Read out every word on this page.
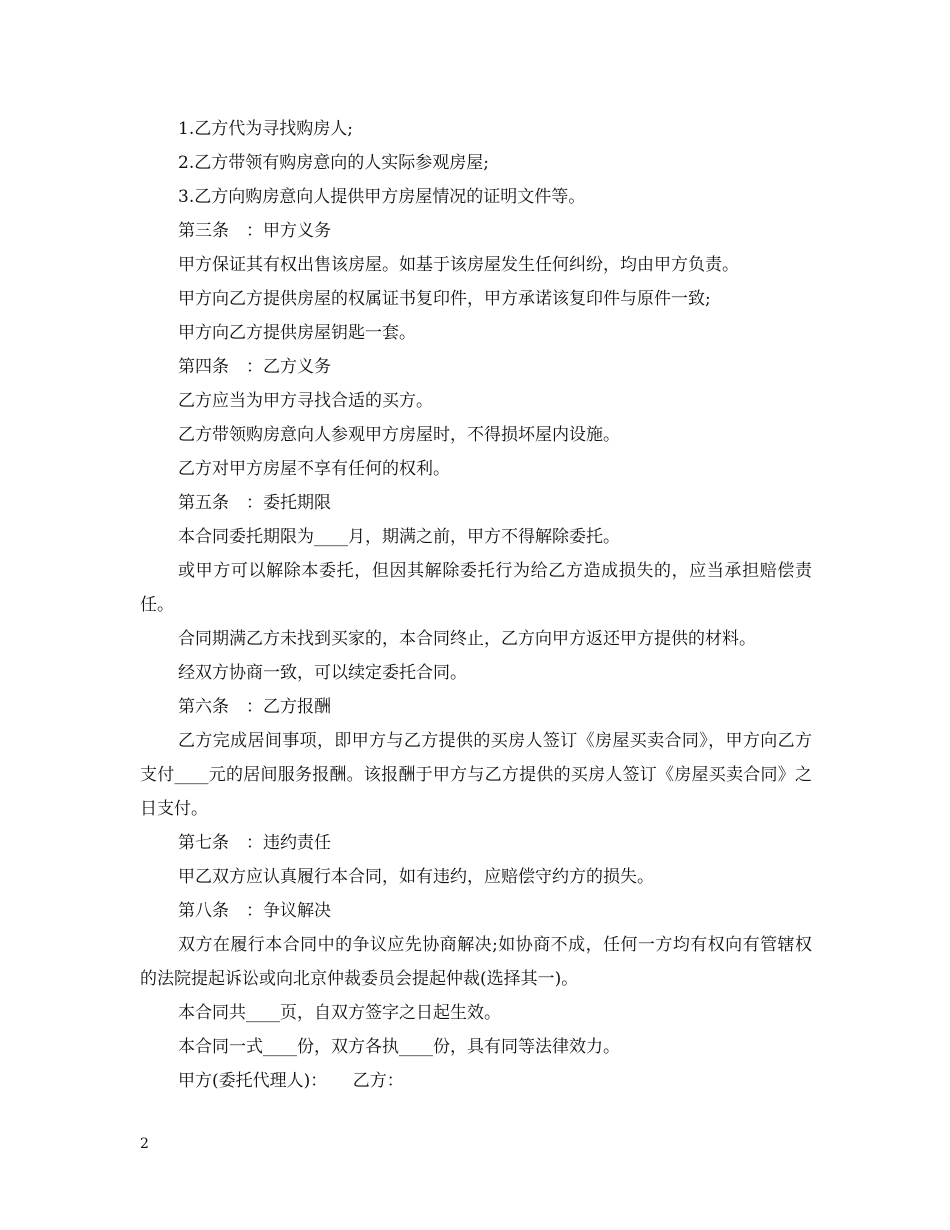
1.乙方代为寻找购房人;

2.乙方带领有购房意向的人实际参观房屋;

3.乙方向购房意向人提供甲方房屋情况的证明文件等。

第三条　：甲方义务

甲方保证其有权出售该房屋。如基于该房屋发生任何纠纷，均由甲方负责。

甲方向乙方提供房屋的权属证书复印件，甲方承诺该复印件与原件一致;

甲方向乙方提供房屋钥匙一套。

第四条　：乙方义务

乙方应当为甲方寻找合适的买方。

乙方带领购房意向人参观甲方房屋时，不得损坏屋内设施。

乙方对甲方房屋不享有任何的权利。

第五条　：委托期限

本合同委托期限为____月，期满之前，甲方不得解除委托。

或甲方可以解除本委托，但因其解除委托行为给乙方造成损失的，应当承担赔偿责任。

合同期满乙方未找到买家的，本合同终止，乙方向甲方返还甲方提供的材料。

经双方协商一致，可以续定委托合同。

第六条　：乙方报酬

乙方完成居间事项，即甲方与乙方提供的买房人签订《房屋买卖合同》，甲方向乙方支付____元的居间服务报酬。该报酬于甲方与乙方提供的买房人签订《房屋买卖合同》之日支付。

第七条　：违约责任

甲乙双方应认真履行本合同，如有违约，应赔偿守约方的损失。

第八条　：争议解决

双方在履行本合同中的争议应先协商解决;如协商不成，任何一方均有权向有管辖权的法院提起诉讼或向北京仲裁委员会提起仲裁(选择其一)。

本合同共____页，自双方签字之日起生效。

本合同一式____份，双方各执____份，具有同等法律效力。

甲方(委托代理人)：　　乙方：

2
